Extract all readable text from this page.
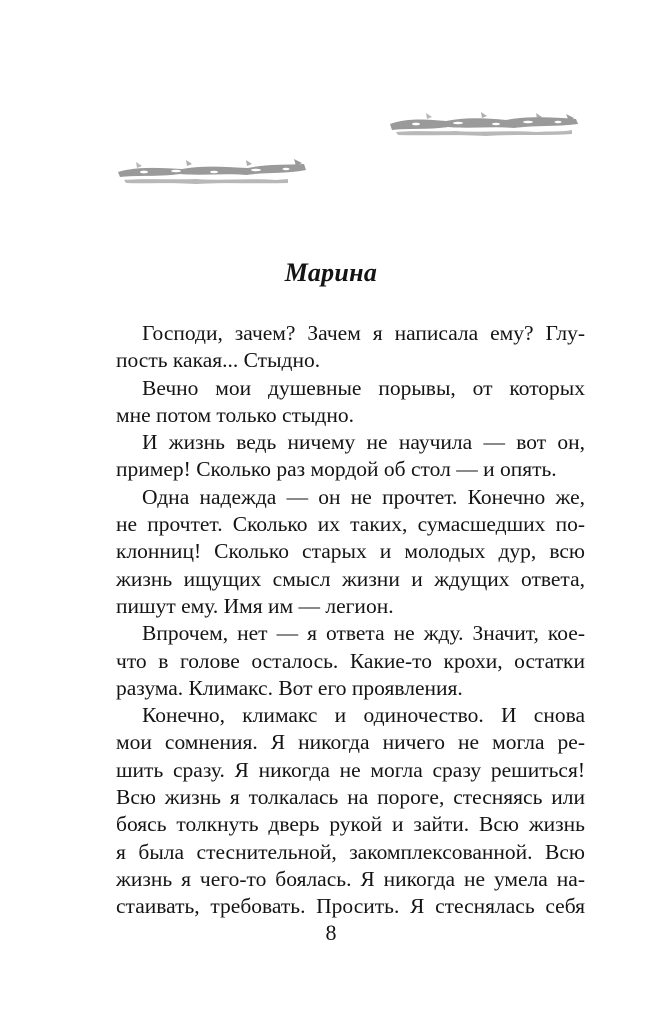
Марина
Господи, зачем? Зачем я написала ему? Глу-
пость какая... Стыдно.
Вечно мои душевные порывы, от которых
мне потом только стыдно.
И жизнь ведь ничему не научила — вот он,
пример! Сколько раз мордой об стол — и опять.
Одна надежда — он не прочтет. Конечно же,
не прочтет. Сколько их таких, сумасшедших по-
клонниц! Сколько старых и молодых дур, всю
жизнь ищущих смысл жизни и ждущих ответа,
пишут ему. Имя им — легион.
Впрочем, нет — я ответа не жду. Значит, кое-
что в голове осталось. Какие-то крохи, остатки
разума. Климакс. Вот его проявления.
Конечно, климакс и одиночество. И снова
мои сомнения. Я никогда ничего не могла ре-
шить сразу. Я никогда не могла сразу решиться!
Всю жизнь я толкалась на пороге, стесняясь или
боясь толкнуть дверь рукой и зайти. Всю жизнь
я была стеснительной, закомплексованной. Всю
жизнь я чего-то боялась. Я никогда не умела на-
стаивать, требовать. Просить. Я стеснялась себя
8
